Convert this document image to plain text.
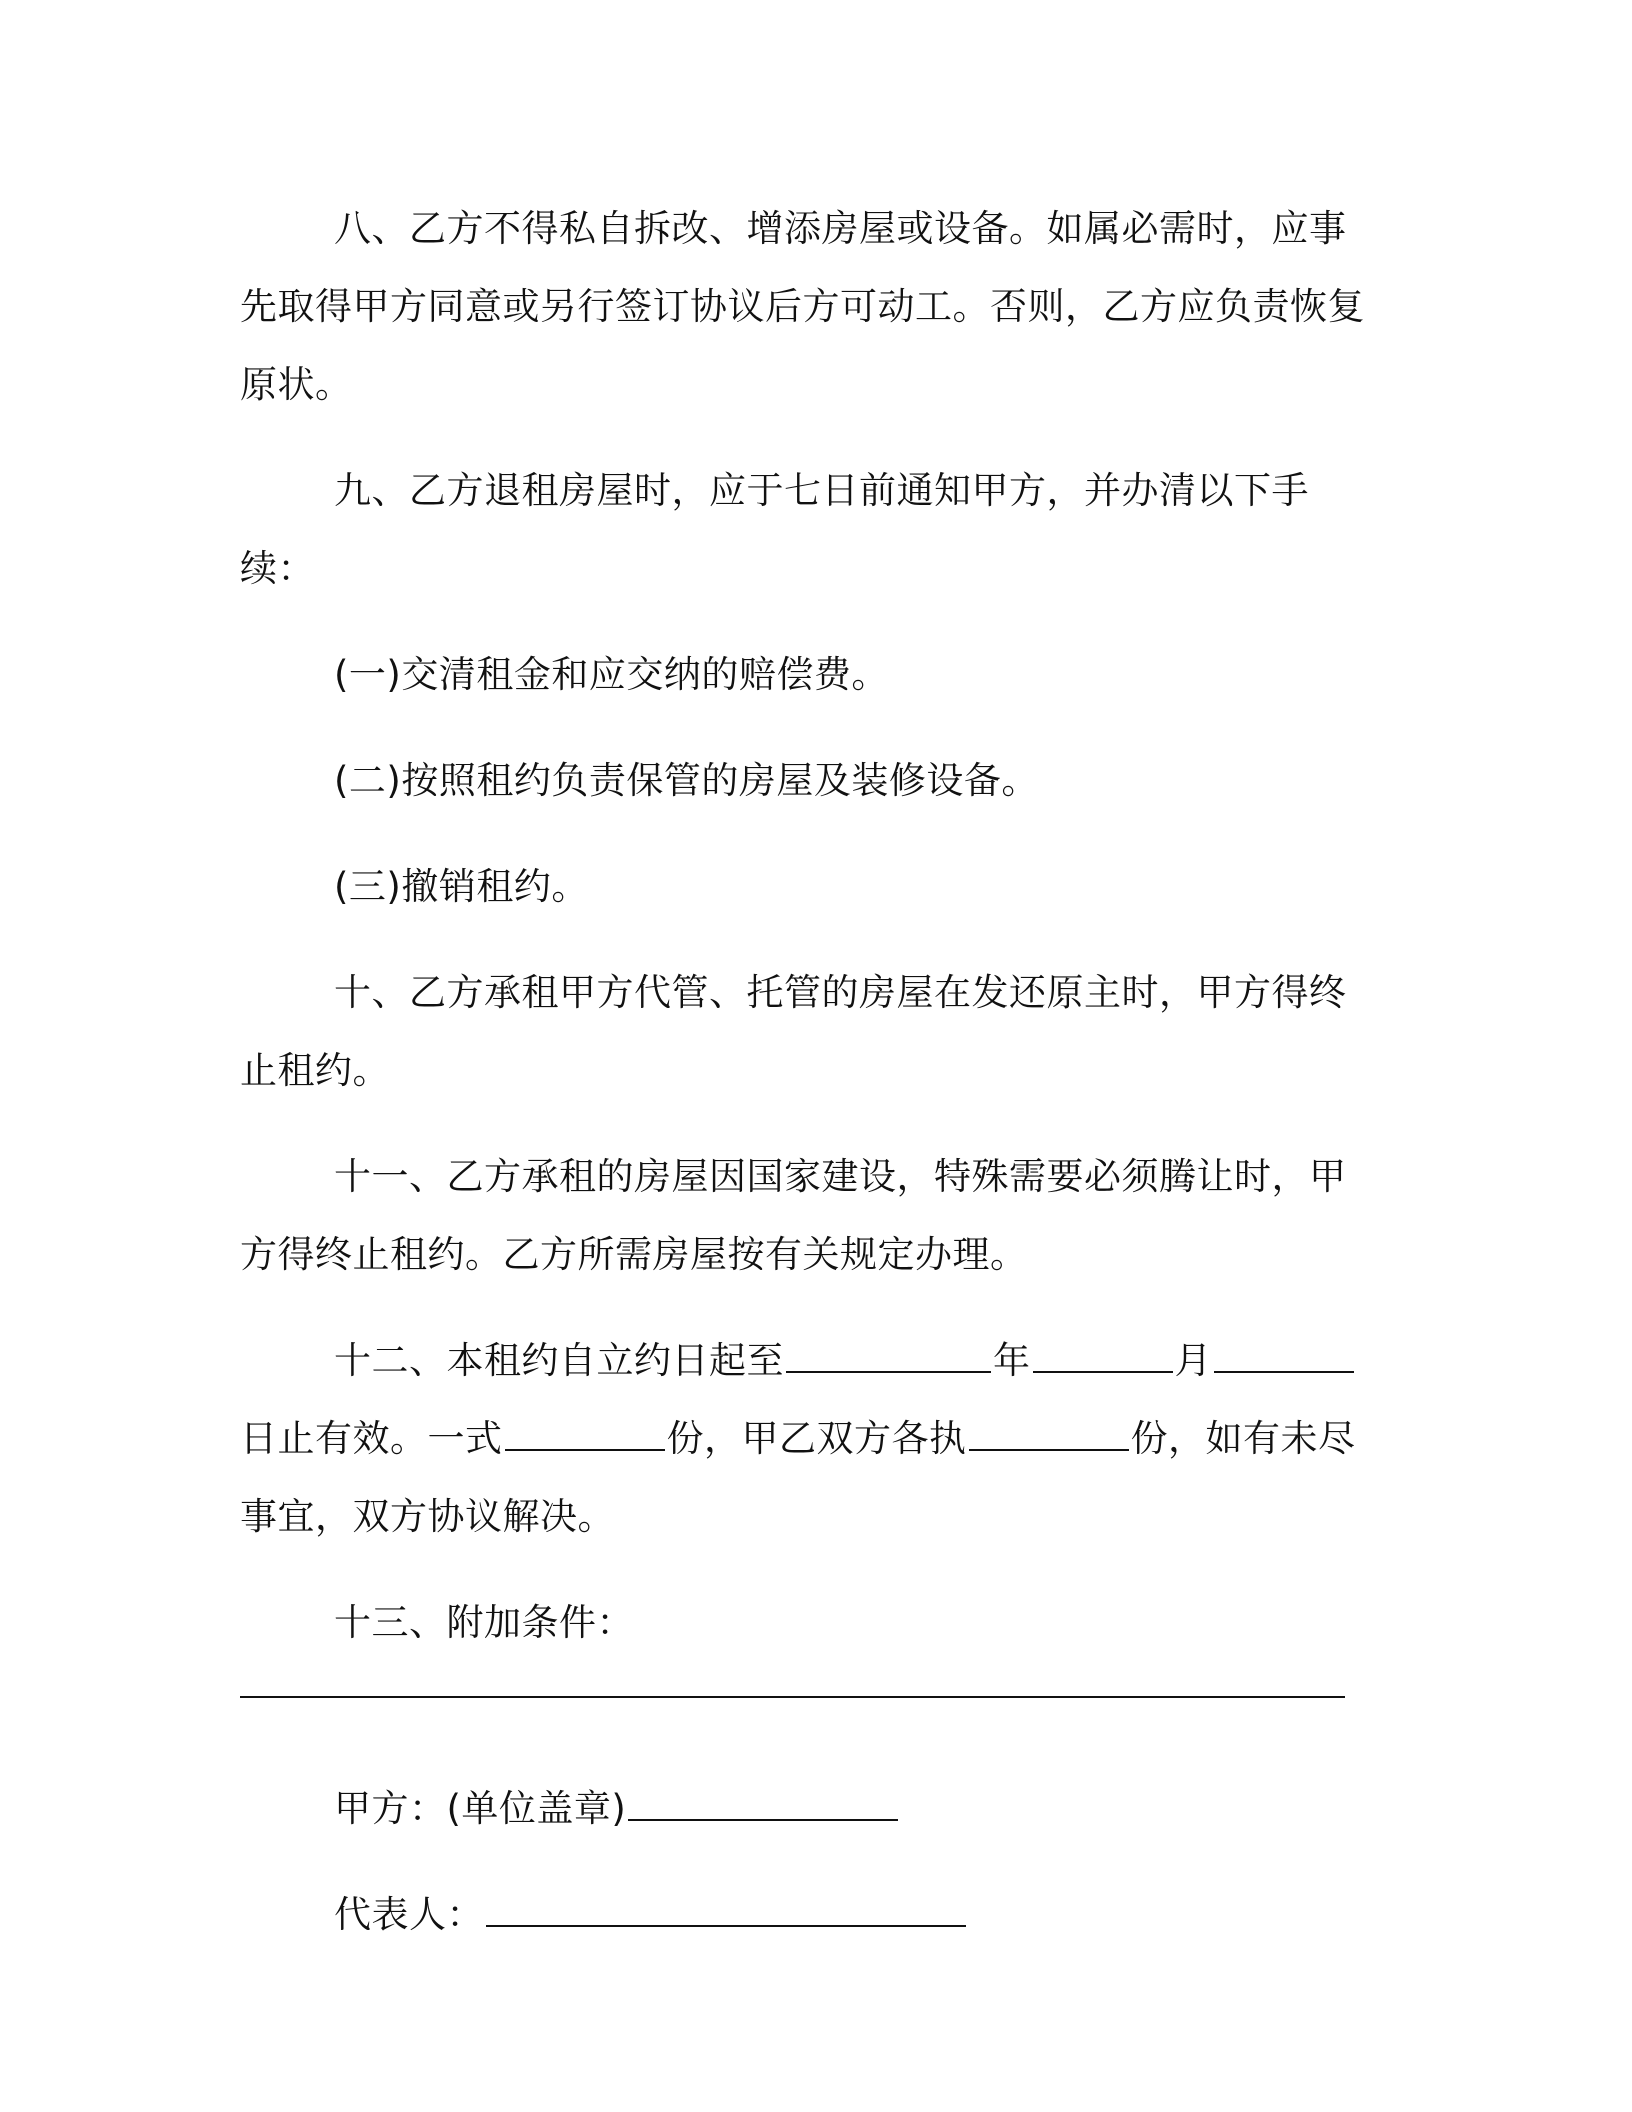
八、乙方不得私自拆改、增添房屋或设备。如属必需时，应事先取得甲方同意或另行签订协议后方可动工。否则，乙方应负责恢复原状。

九、乙方退租房屋时，应于七日前通知甲方，并办清以下手续：

(一)交清租金和应交纳的赔偿费。

(二)按照租约负责保管的房屋及装修设备。

(三)撤销租约。

十、乙方承租甲方代管、托管的房屋在发还原主时，甲方得终止租约。

十一、乙方承租的房屋因国家建设，特殊需要必须腾让时，甲方得终止租约。乙方所需房屋按有关规定办理。

十二、本租约自立约日起至	年	月日止有效。一式	份，甲乙双方各执	份，如有未尽事宜，双方协议解决。

十三、附加条件：

甲方：(单位盖章)

代表人：
